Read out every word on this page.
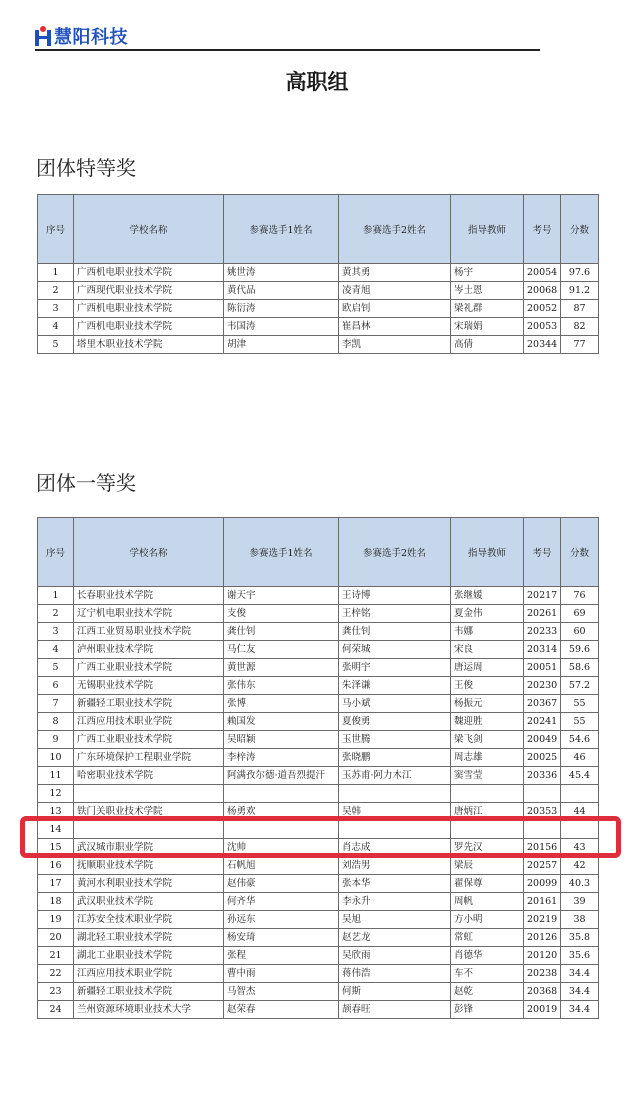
慧阳科技
高职组
团体特等奖
序号	学校名称	参赛选手1姓名	参赛选手2姓名	指导教师	考号	分数
1	广西机电职业技术学院	姚世涛	黄其勇	杨宇	20054	97.6
2	广西现代职业技术学院	黄代品	凌青旭	岑土恩	20068	91.2
3	广西机电职业技术学院	陈衍涛	欧启钊	梁礼群	20052	87
4	广西机电职业技术学院	韦国涛	崔昌林	宋瑞娟	20053	82
5	塔里木职业技术学院	胡津	李凯	高倩	20344	77
团体一等奖
序号	学校名称	参赛选手1姓名	参赛选手2姓名	指导教师	考号	分数
1	长春职业技术学院	谢天宇	王诗博	张继媛	20217	76
2	辽宁机电职业技术学院	支俊	王梓铭	夏金伟	20261	69
3	江西工业贸易职业技术学院	龚仕钊	龚仕钊	韦娜	20233	60
4	泸州职业技术学院	马仁友	何荣城	宋良	20314	59.6
5	广西工业职业技术学院	黄世源	张明宇	唐运周	20051	58.6
6	无锡职业技术学院	张伟东	朱泽谦	王俊	20230	57.2
7	新疆轻工职业技术学院	张博	马小斌	杨振元	20367	55
8	江西应用技术职业学院	赖国发	夏俊勇	魏迎胜	20241	55
9	广西工业职业技术学院	吴昭颖	玉世腾	梁飞剑	20049	54.6
10	广东环境保护工程职业学院	李梓涛	张晓鹏	周志雄	20025	46
11	哈密职业技术学院	阿满孜尔德·道吾烈提汗	玉苏甫·阿力木江	窦雪莹	20336	45.4
12						
13	铁门关职业技术学院	杨勇欢	吴韩	唐炳江	20353	44
14						
15	武汉城市职业学院	沈帅	肖志成	罗先汉	20156	43
16	抚顺职业技术学院	石帆旭	刘浩男	梁辰	20257	42
17	黄河水利职业技术学院	赵伟豪	张本华	翟保尊	20099	40.3
18	武汉职业技术学院	何齐华	李永升	周帆	20161	39
19	江苏安全技术职业学院	孙远东	吴旭	方小明	20219	38
20	湖北轻工职业技术学院	杨安琦	赵艺龙	常虹	20126	35.8
21	湖北工业职业技术学院	张程	吴欣雨	肖德华	20120	35.6
22	江西应用技术职业学院	曹中雨	蒋伟浩	车不	20238	34.4
23	新疆轻工职业技术学院	马智杰	何斯	赵乾	20368	34.4
24	兰州资源环境职业技术大学	赵荣春	颉春旺	彭锋	20019	34.4
